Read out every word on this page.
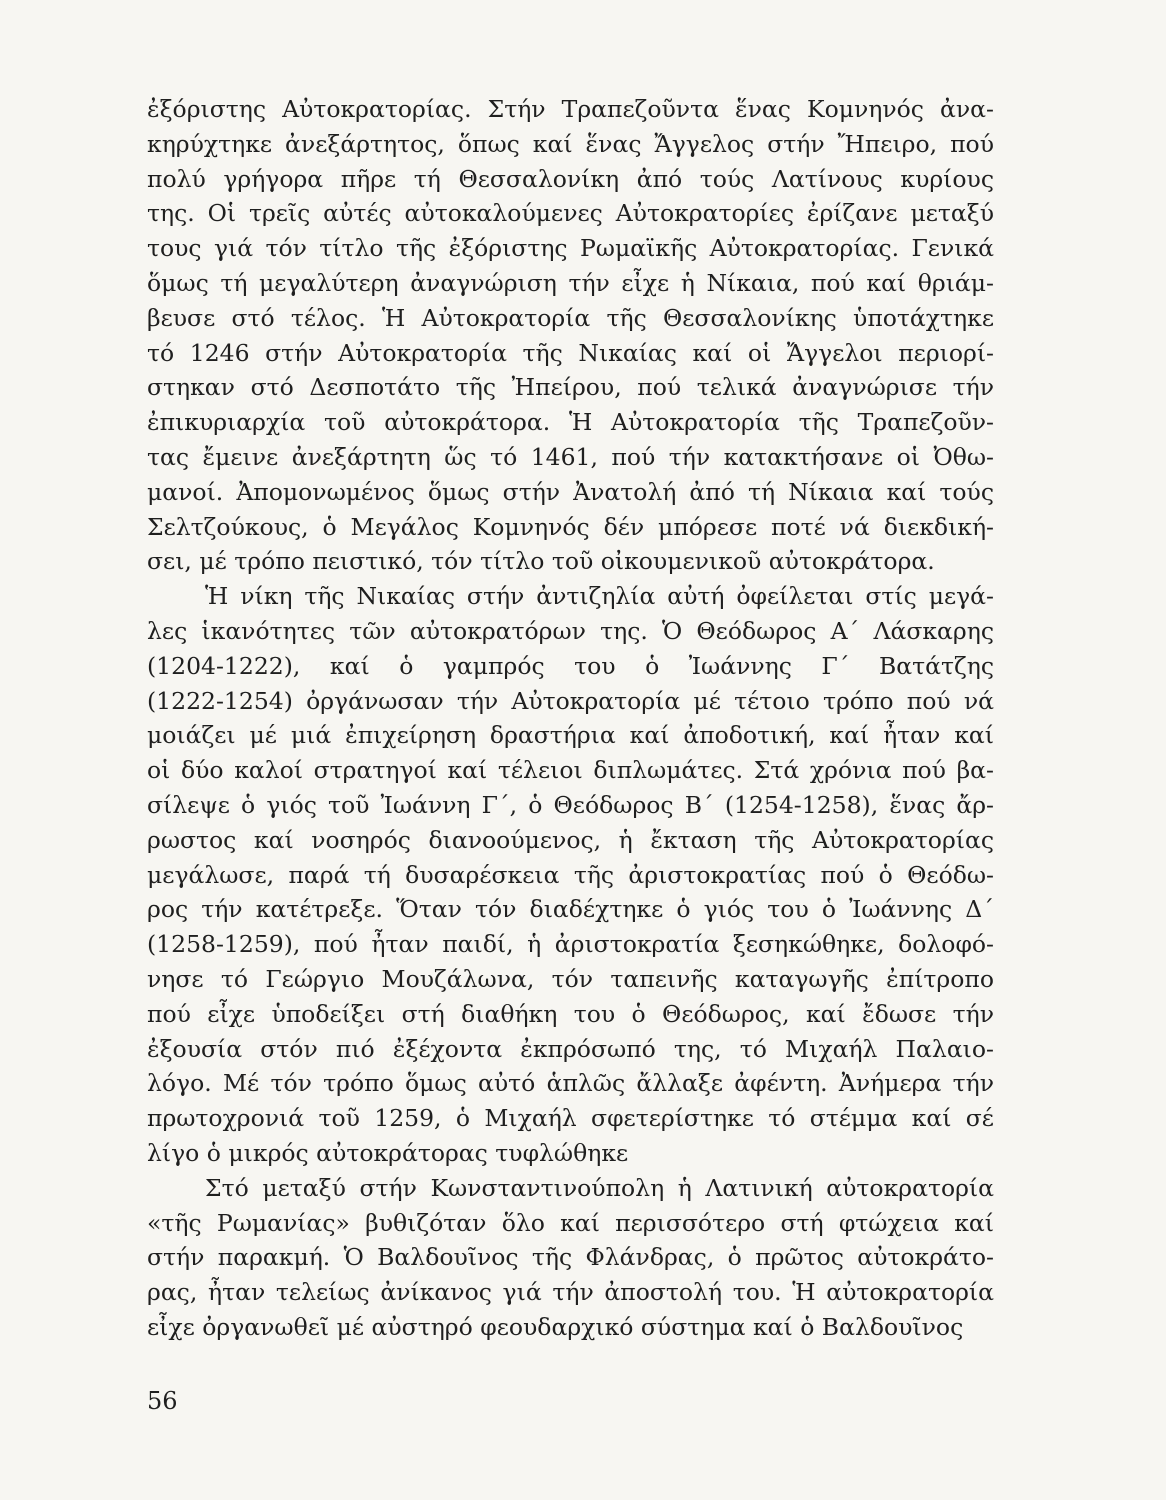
ἐξόριστης Αὐτοκρατορίας. Στήν Τραπεζοῦντα ἕνας Κομνηνός ἀνα-
κηρύχτηκε ἀνεξάρτητος, ὅπως καί ἕνας Ἄγγελος στήν Ἤπειρο, πού
πολύ γρήγορα πῆρε τή Θεσσαλονίκη ἀπό τούς Λατίνους κυρίους
της. Οἱ τρεῖς αὐτές αὐτοκαλούμενες Αὐτοκρατορίες ἐρίζανε μεταξύ
τους γιά τόν τίτλο τῆς ἐξόριστης Ρωμαϊκῆς Αὐτοκρατορίας. Γενικά
ὅμως τή μεγαλύτερη ἀναγνώριση τήν εἶχε ἡ Νίκαια, πού καί θριάμ-
βευσε στό τέλος. Ἡ Αὐτοκρατορία τῆς Θεσσαλονίκης ὑποτάχτηκε
τό 1246 στήν Αὐτοκρατορία τῆς Νικαίας καί οἱ Ἄγγελοι περιορί-
στηκαν στό Δεσποτάτο τῆς Ἠπείρου, πού τελικά ἀναγνώρισε τήν
ἐπικυριαρχία τοῦ αὐτοκράτορα. Ἡ Αὐτοκρατορία τῆς Τραπεζοῦν-
τας ἔμεινε ἀνεξάρτητη ὥς τό 1461, πού τήν κατακτήσανε οἱ Ὀθω-
μανοί. Ἀπομονωμένος ὅμως στήν Ἀνατολή ἀπό τή Νίκαια καί τούς
Σελτζούκους, ὁ Μεγάλος Κομνηνός δέν μπόρεσε ποτέ νά διεκδική-
σει, μέ τρόπο πειστικό, τόν τίτλο τοῦ οἰκουμενικοῦ αὐτοκράτορα.
Ἡ νίκη τῆς Νικαίας στήν ἀντιζηλία αὐτή ὀφείλεται στίς μεγά-
λες ἱκανότητες τῶν αὐτοκρατόρων της. Ὁ Θεόδωρος Α΄ Λάσκαρης
(1204-1222), καί ὁ γαμπρός του ὁ Ἰωάννης Γ΄ Βατάτζης
(1222-1254) ὀργάνωσαν τήν Αὐτοκρατορία μέ τέτοιο τρόπο πού νά
μοιάζει μέ μιά ἐπιχείρηση δραστήρια καί ἀποδοτική, καί ἦταν καί
οἱ δύο καλοί στρατηγοί καί τέλειοι διπλωμάτες. Στά χρόνια πού βα-
σίλεψε ὁ γιός τοῦ Ἰωάννη Γ΄, ὁ Θεόδωρος Β΄ (1254-1258), ἕνας ἄρ-
ρωστος καί νοσηρός διανοούμενος, ἡ ἔκταση τῆς Αὐτοκρατορίας
μεγάλωσε, παρά τή δυσαρέσκεια τῆς ἀριστοκρατίας πού ὁ Θεόδω-
ρος τήν κατέτρεξε. Ὅταν τόν διαδέχτηκε ὁ γιός του ὁ Ἰωάννης Δ΄
(1258-1259), πού ἦταν παιδί, ἡ ἀριστοκρατία ξεσηκώθηκε, δολοφό-
νησε τό Γεώργιο Μουζάλωνα, τόν ταπεινῆς καταγωγῆς ἐπίτροπο
πού εἶχε ὑποδείξει στή διαθήκη του ὁ Θεόδωρος, καί ἔδωσε τήν
ἐξουσία στόν πιό ἐξέχοντα ἐκπρόσωπό της, τό Μιχαήλ Παλαιο-
λόγο. Μέ τόν τρόπο ὅμως αὐτό ἁπλῶς ἄλλαξε ἀφέντη. Ἀνήμερα τήν
πρωτοχρονιά τοῦ 1259, ὁ Μιχαήλ σφετερίστηκε τό στέμμα καί σέ
λίγο ὁ μικρός αὐτοκράτορας τυφλώθηκε
Στό μεταξύ στήν Κωνσταντινούπολη ἡ Λατινική αὐτοκρατορία
«τῆς Ρωμανίας» βυθιζόταν ὅλο καί περισσότερο στή φτώχεια καί
στήν παρακμή. Ὁ Βαλδουῖνος τῆς Φλάνδρας, ὁ πρῶτος αὐτοκράτο-
ρας, ἦταν τελείως ἀνίκανος γιά τήν ἀποστολή του. Ἡ αὐτοκρατορία
εἶχε ὀργανωθεῖ μέ αὐστηρό φεουδαρχικό σύστημα καί ὁ Βαλδουῖνος
56
